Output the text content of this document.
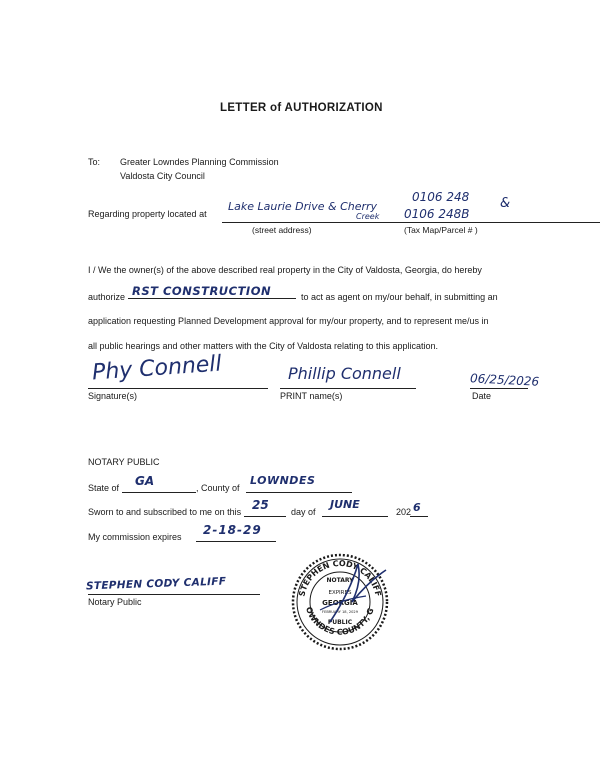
LETTER of AUTHORIZATION
To: Greater Lowndes Planning Commission
Valdosta City Council
Regarding property located at
Lake Laurie Drive & Cherry
Creek
(street address)
0106 248
0106 248B
&
(Tax Map/Parcel # )
I / We the owner(s) of the above described real property in the City of Valdosta, Georgia, do hereby
authorize RST CONSTRUCTION	to act as agent on my/our behalf, in submitting an
application requesting Planned Development approval for my/our property, and to represent me/us in
all public hearings and other matters with the City of Valdosta relating to this application.
Phy Connell
Signature(s)
Phillip Connell
PRINT name(s)
06/25/2026
Date
NOTARY PUBLIC
State of GA	, County of
LOWNDES
Sworn to and subscribed to me on this 25 day of
JUNE
202 6
My commission expires 2-18-29
STEPHEN CODY CALIFF
Notary Public
STEPHEN CODY CALIFF
LOWNDES COUNTY, GA
NOTARY
EXPIRES
GEORGIA
FEBRUARY 18, 2029
PUBLIC
